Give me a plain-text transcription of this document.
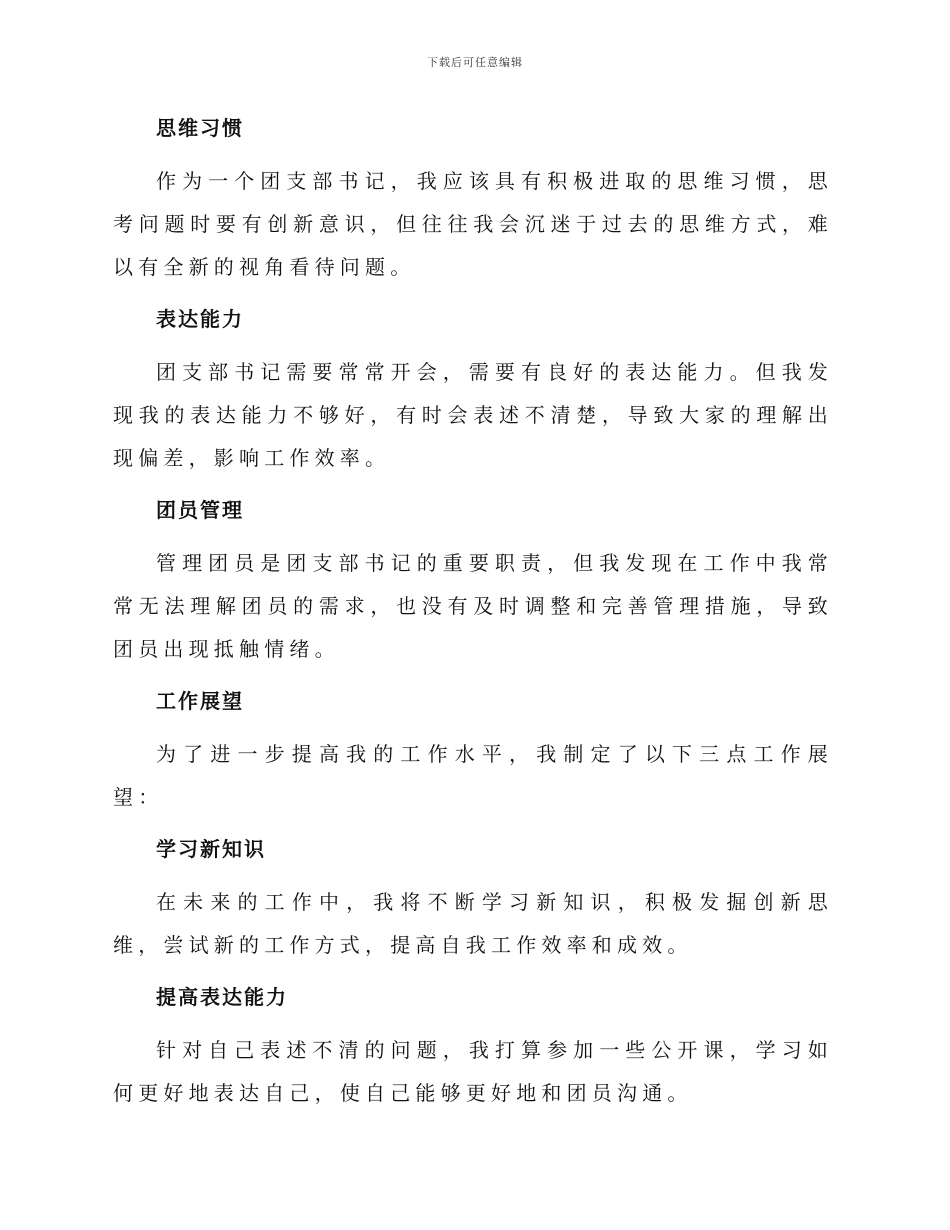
下载后可任意编辑
思维习惯

作为一个团支部书记，我应该具有积极进取的思维习惯，思考问题时要有创新意识，但往往我会沉迷于过去的思维方式，难以有全新的视角看待问题。

表达能力

团支部书记需要常常开会，需要有良好的表达能力。但我发现我的表达能力不够好，有时会表述不清楚，导致大家的理解出现偏差，影响工作效率。

团员管理

管理团员是团支部书记的重要职责，但我发现在工作中我常常无法理解团员的需求，也没有及时调整和完善管理措施，导致团员出现抵触情绪。

工作展望

为了进一步提高我的工作水平，我制定了以下三点工作展望：

学习新知识

在未来的工作中，我将不断学习新知识，积极发掘创新思维，尝试新的工作方式，提高自我工作效率和成效。

提高表达能力

针对自己表述不清的问题，我打算参加一些公开课，学习如何更好地表达自己，使自己能够更好地和团员沟通。
